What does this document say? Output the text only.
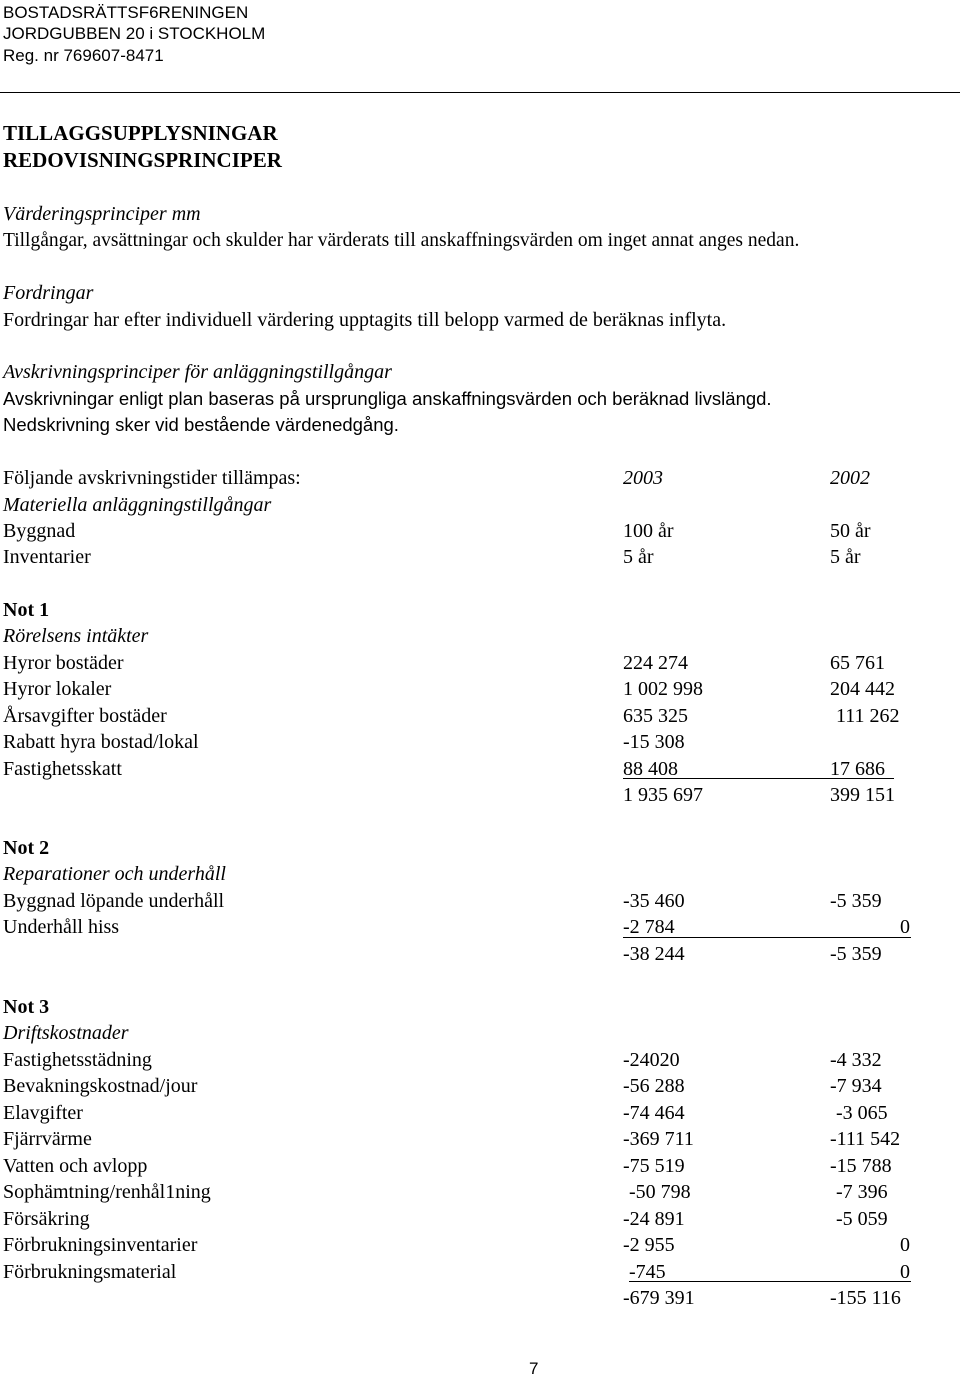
BOSTADSRÄTTSF6RENINGEN
JORDGUBBEN 20 i STOCKHOLM
Reg. nr 769607-8471
TILLAGGSUPPLYSNINGAR
REDOVISNINGSPRINCIPER
Värderingsprinciper mm
Tillgångar, avsättningar och skulder har värderats till anskaffningsvärden om inget annat anges nedan.
Fordringar
Fordringar har efter individuell värdering upptagits till belopp varmed de beräknas inflyta.
Avskrivningsprinciper för anläggningstillgångar
Avskrivningar enligt plan baseras på ursprungliga anskaffningsvärden och beräknad livslängd.
Nedskrivning sker vid bestående värdenedgång.
Följande avskrivningstider tillämpas:	2003	2002
Materiella anläggningstillgångar
Byggnad	100 år	50 år
Inventarier	5 år	5 år
Not 1
Rörelsens intäkter
Hyror bostäder	224 274	65 761
Hyror lokaler	1 002 998	204 442
Årsavgifter bostäder	635 325	111 262
Rabatt hyra bostad/lokal	-15 308
Fastighetsskatt	88 408	17 686
1 935 697	399 151
Not 2
Reparationer och underhåll
Byggnad löpande underhåll	-35 460	-5 359
Underhåll hiss	-2 784	0
-38 244	-5 359
Not 3
Driftskostnader
Fastighetsstädning	-24020	-4 332
Bevakningskostnad/jour	-56 288	-7 934
Elavgifter	-74 464	-3 065
Fjärrvärme	-369 711	-111 542
Vatten och avlopp	-75 519	-15 788
Sophämtning/renhål1ning	-50 798	-7 396
Försäkring	-24 891	-5 059
Förbrukningsinventarier	-2 955	0
Förbrukningsmaterial	-745	0
-679 391	-155 116
7
